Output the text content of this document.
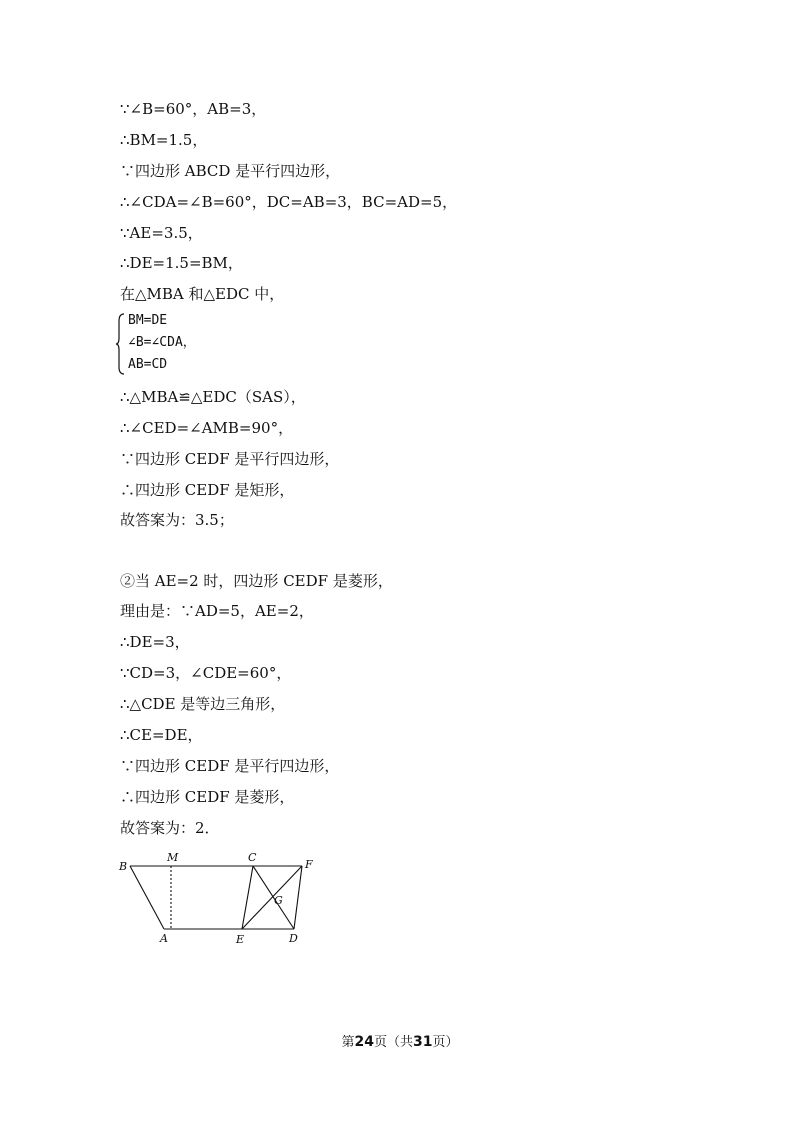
∵∠B=60°，AB=3，
∴BM=1.5，
∵四边形 ABCD 是平行四边形，
∴∠CDA=∠B=60°，DC=AB=3，BC=AD=5，
∵AE=3.5，
∴DE=1.5=BM，
在△MBA 和△EDC 中，
BM=DE
∠B=∠CDA，
AB=CD
∴△MBA≌△EDC（SAS），
∴∠CED=∠AMB=90°，
∵四边形 CEDF 是平行四边形，
∴四边形 CEDF 是矩形，
故答案为：3.5；
②当 AE=2 时，四边形 CEDF 是菱形，
理由是：∵AD=5，AE=2，
∴DE=3，
∵CD=3，∠CDE=60°，
∴△CDE 是等边三角形，
∴CE=DE，
∵四边形 CEDF 是平行四边形，
∴四边形 CEDF 是菱形，
故答案为：2．
B
M	C
F
G
A	E	D
第24页（共31页）
